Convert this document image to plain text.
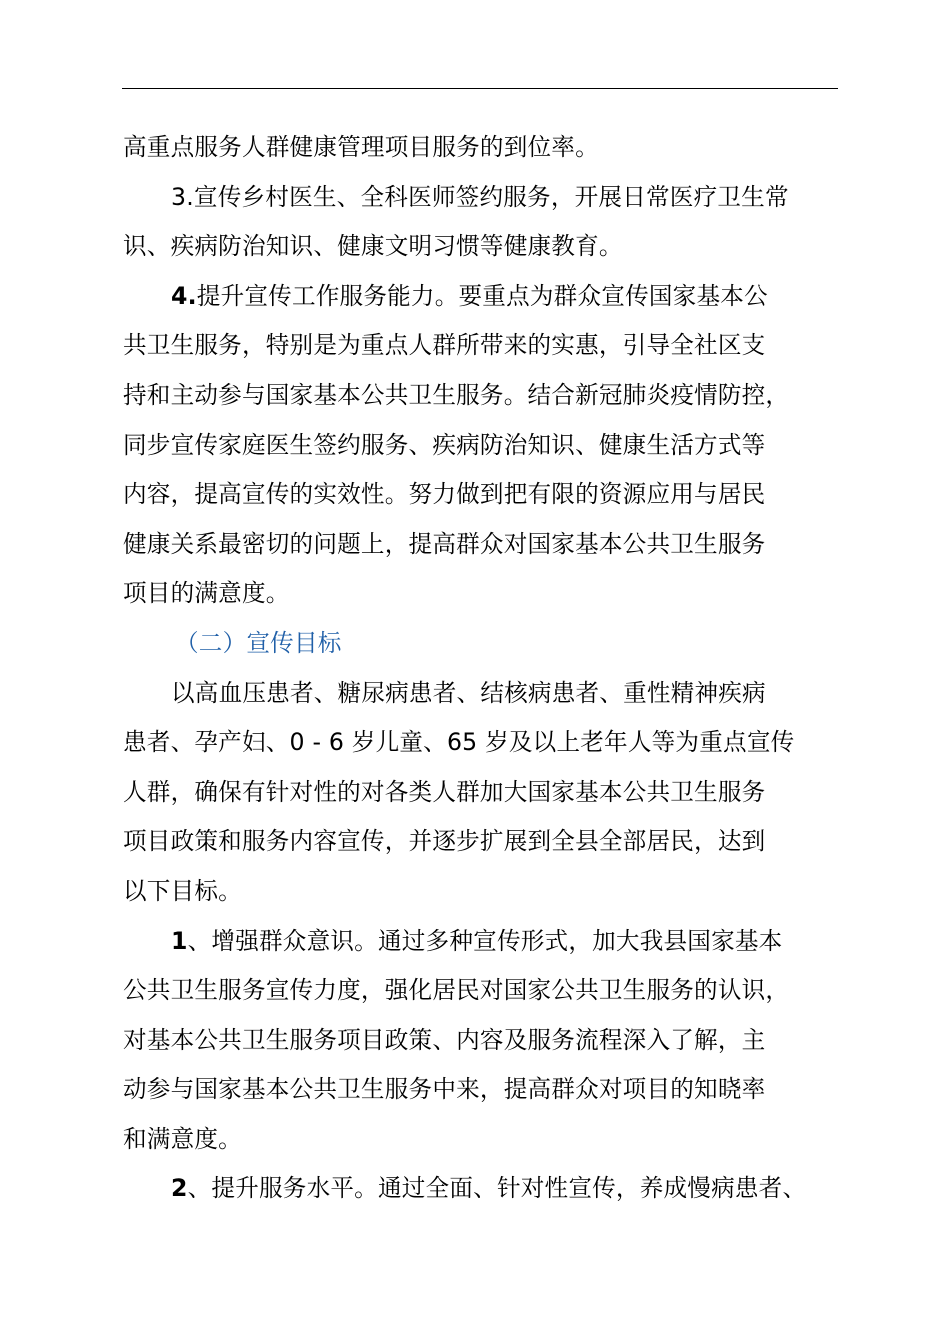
高重点服务人群健康管理项目服务的到位率。
3.宣传乡村医生、全科医师签约服务，开展日常医疗卫生常
识、疾病防治知识、健康文明习惯等健康教育。
4.提升宣传工作服务能力。要重点为群众宣传国家基本公
共卫生服务，特别是为重点人群所带来的实惠，引导全社区支
持和主动参与国家基本公共卫生服务。结合新冠肺炎疫情防控，
同步宣传家庭医生签约服务、疾病防治知识、健康生活方式等
内容，提高宣传的实效性。努力做到把有限的资源应用与居民
健康关系最密切的问题上，提高群众对国家基本公共卫生服务
项目的满意度。
（二）宣传目标
以高血压患者、糖尿病患者、结核病患者、重性精神疾病
患者、孕产妇、0 - 6 岁儿童、65 岁及以上老年人等为重点宣传
人群，确保有针对性的对各类人群加大国家基本公共卫生服务
项目政策和服务内容宣传，并逐步扩展到全县全部居民，达到
以下目标。
1、增强群众意识。通过多种宣传形式，加大我县国家基本
公共卫生服务宣传力度，强化居民对国家公共卫生服务的认识，
对基本公共卫生服务项目政策、内容及服务流程深入了解，主
动参与国家基本公共卫生服务中来，提高群众对项目的知晓率
和满意度。
2、提升服务水平。通过全面、针对性宣传，养成慢病患者、
